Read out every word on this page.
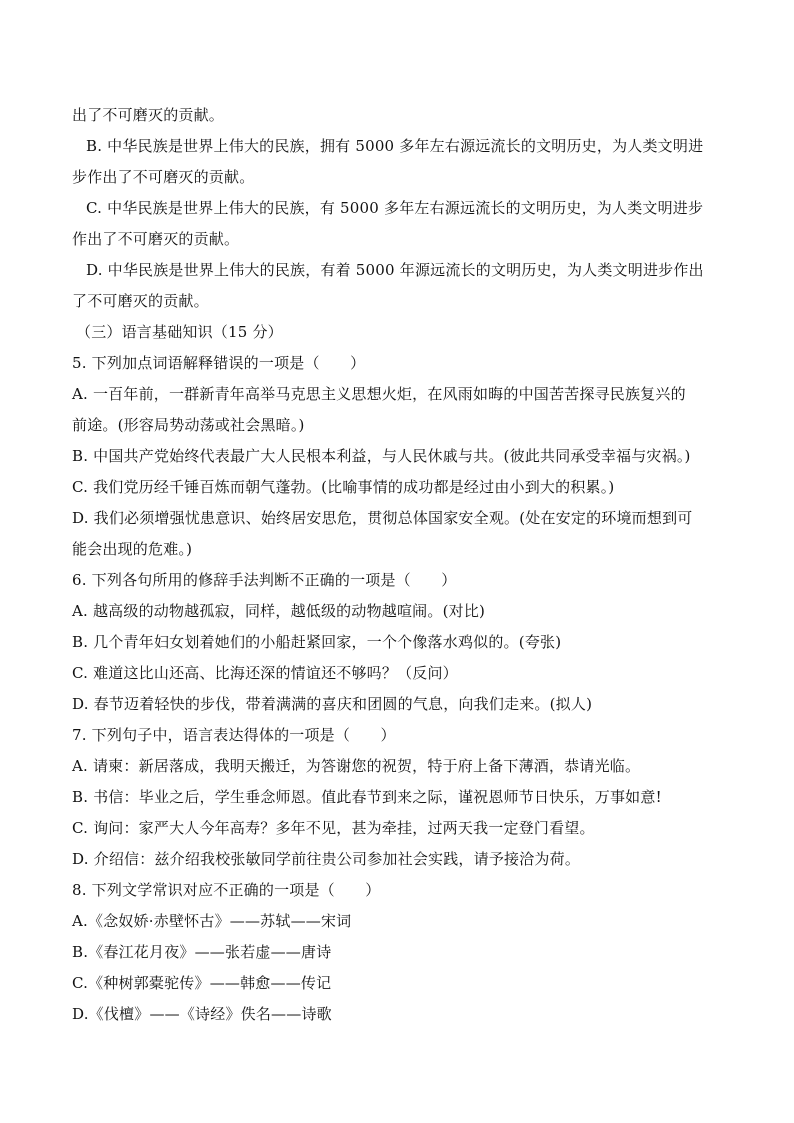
出了不可磨灭的贡献。
B. 中华民族是世界上伟大的民族，拥有 5000 多年左右源远流长的文明历史，为人类文明进
步作出了不可磨灭的贡献。
C. 中华民族是世界上伟大的民族，有 5000 多年左右源远流长的文明历史，为人类文明进步
作出了不可磨灭的贡献。
D. 中华民族是世界上伟大的民族，有着 5000 年源远流长的文明历史，为人类文明进步作出
了不可磨灭的贡献。
（三）语言基础知识（15 分）
5. 下列加点词语解释错误的一项是（　　）
A. 一百年前，一群新青年高举马克思主义思想火炬，在风雨如晦的中国苦苦探寻民族复兴的
前途。(形容局势动荡或社会黑暗。)
B. 中国共产党始终代表最广大人民根本利益，与人民休戚与共。(彼此共同承受幸福与灾祸。)
C. 我们党历经千锤百炼而朝气蓬勃。(比喻事情的成功都是经过由小到大的积累。)
D. 我们必须增强忧患意识、始终居安思危，贯彻总体国家安全观。(处在安定的环境而想到可
能会出现的危难。)
6. 下列各句所用的修辞手法判断不正确的一项是（　　）
A. 越高级的动物越孤寂，同样，越低级的动物越喧闹。(对比)
B. 几个青年妇女划着她们的小船赶紧回家，一个个像落水鸡似的。(夸张)
C. 难道这比山还高、比海还深的情谊还不够吗？（反问）
D. 春节迈着轻快的步伐，带着满满的喜庆和团圆的气息，向我们走来。(拟人)
7. 下列句子中，语言表达得体的一项是（　　）
A. 请柬：新居落成，我明天搬迁，为答谢您的祝贺，特于府上备下薄酒，恭请光临。
B. 书信：毕业之后，学生垂念师恩。值此春节到来之际，谨祝恩师节日快乐，万事如意!
C. 询问：家严大人今年高寿？多年不见，甚为牵挂，过两天我一定登门看望。
D. 介绍信：兹介绍我校张敏同学前往贵公司参加社会实践，请予接洽为荷。
8. 下列文学常识对应不正确的一项是（　　）
A.《念奴娇·赤壁怀古》——苏轼——宋词
B.《春江花月夜》——张若虚——唐诗
C.《种树郭橐驼传》——韩愈——传记
D.《伐檀》——《诗经》佚名——诗歌
